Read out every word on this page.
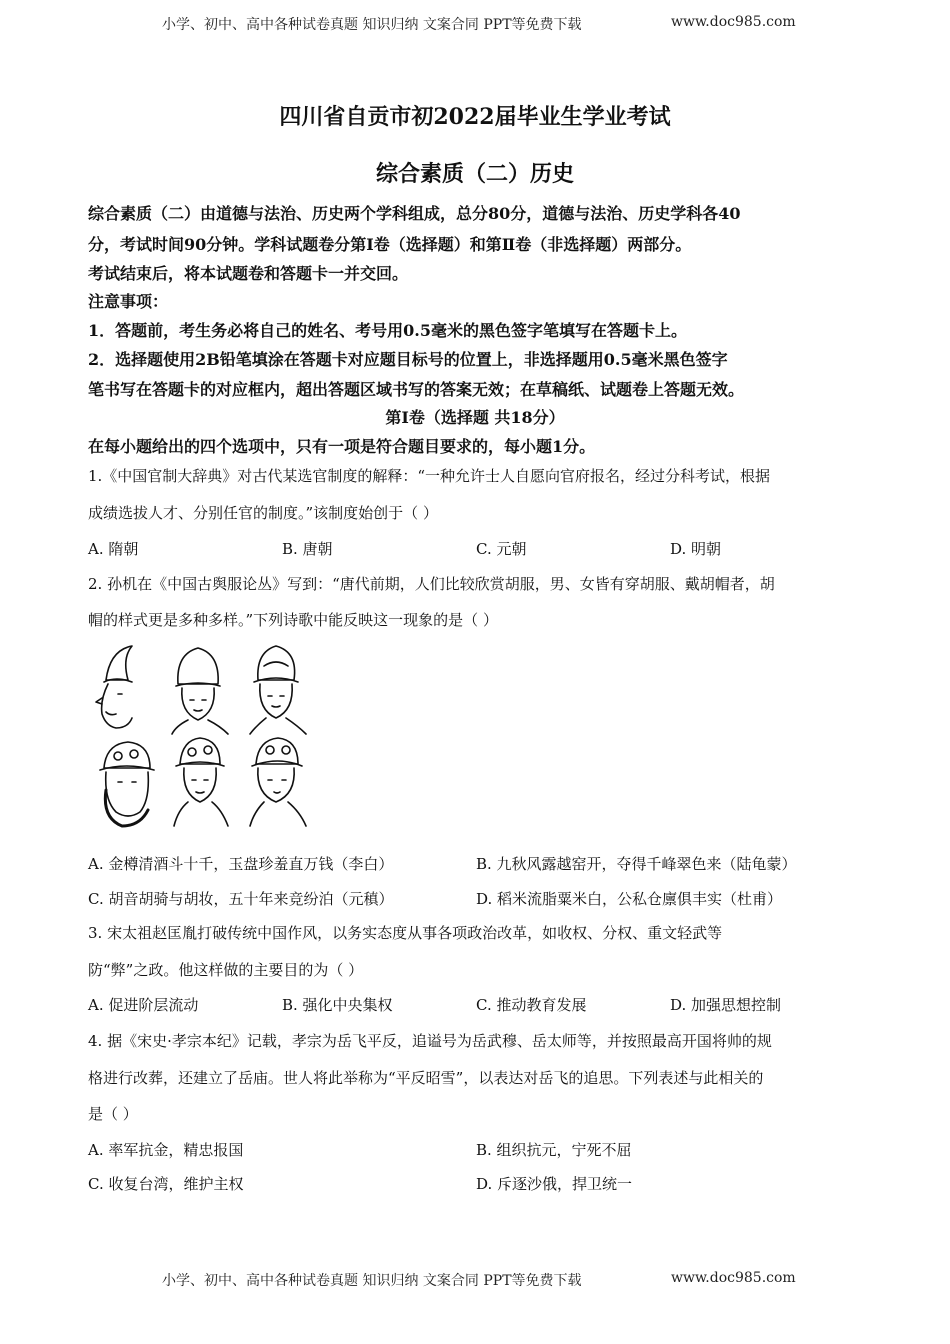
小学、初中、高中各种试卷真题 知识归纳 文案合同 PPT等免费下载	www.doc985.com
四川省自贡市初2022届毕业生学业考试
综合素质（二）历史
综合素质（二）由道德与法治、历史两个学科组成，总分80分，道德与法治、历史学科各40
分，考试时间90分钟。学科试题卷分第Ⅰ卷（选择题）和第Ⅱ卷（非选择题）两部分。
考试结束后，将本试题卷和答题卡一并交回。
注意事项：
1．答题前，考生务必将自己的姓名、考号用0.5毫米的黑色签字笔填写在答题卡上。
2．选择题使用2B铅笔填涂在答题卡对应题目标号的位置上，非选择题用0.5毫米黑色签字
笔书写在答题卡的对应框内，超出答题区域书写的答案无效；在草稿纸、试题卷上答题无效。
第Ⅰ卷（选择题 共18分）
在每小题给出的四个选项中，只有一项是符合题目要求的，每小题1分。
1.《中国官制大辞典》对古代某选官制度的解释：“一种允许士人自愿向官府报名，经过分科考试，根据
成绩选拔人才、分别任官的制度。”该制度始创于（ ）
A. 隋朝	B. 唐朝	C. 元朝	D. 明朝
2. 孙机在《中国古舆服论丛》写到：“唐代前期，人们比较欣赏胡服，男、女皆有穿胡服、戴胡帽者，胡
帽的样式更是多种多样。”下列诗歌中能反映这一现象的是（ ）
A. 金樽清酒斗十千，玉盘珍羞直万钱（李白）	B. 九秋风露越窑开，夺得千峰翠色来（陆龟蒙）
C. 胡音胡骑与胡妆，五十年来竞纷泊（元稹）	D. 稻米流脂粟米白，公私仓廪俱丰实（杜甫）
3. 宋太祖赵匡胤打破传统中国作风，以务实态度从事各项政治改革，如收权、分权、重文轻武等
防“弊”之政。他这样做的主要目的为（ ）
A. 促进阶层流动	B. 强化中央集权	C. 推动教育发展	D. 加强思想控制
4. 据《宋史·孝宗本纪》记载，孝宗为岳飞平反，追谥号为岳武穆、岳太师等，并按照最高开国将帅的规
格进行改葬，还建立了岳庙。世人将此举称为“平反昭雪”，以表达对岳飞的追思。下列表述与此相关的
是（ ）
A. 率军抗金，精忠报国	B. 组织抗元，宁死不屈
C. 收复台湾，维护主权	D. 斥逐沙俄，捍卫统一
小学、初中、高中各种试卷真题 知识归纳 文案合同 PPT等免费下载	www.doc985.com
